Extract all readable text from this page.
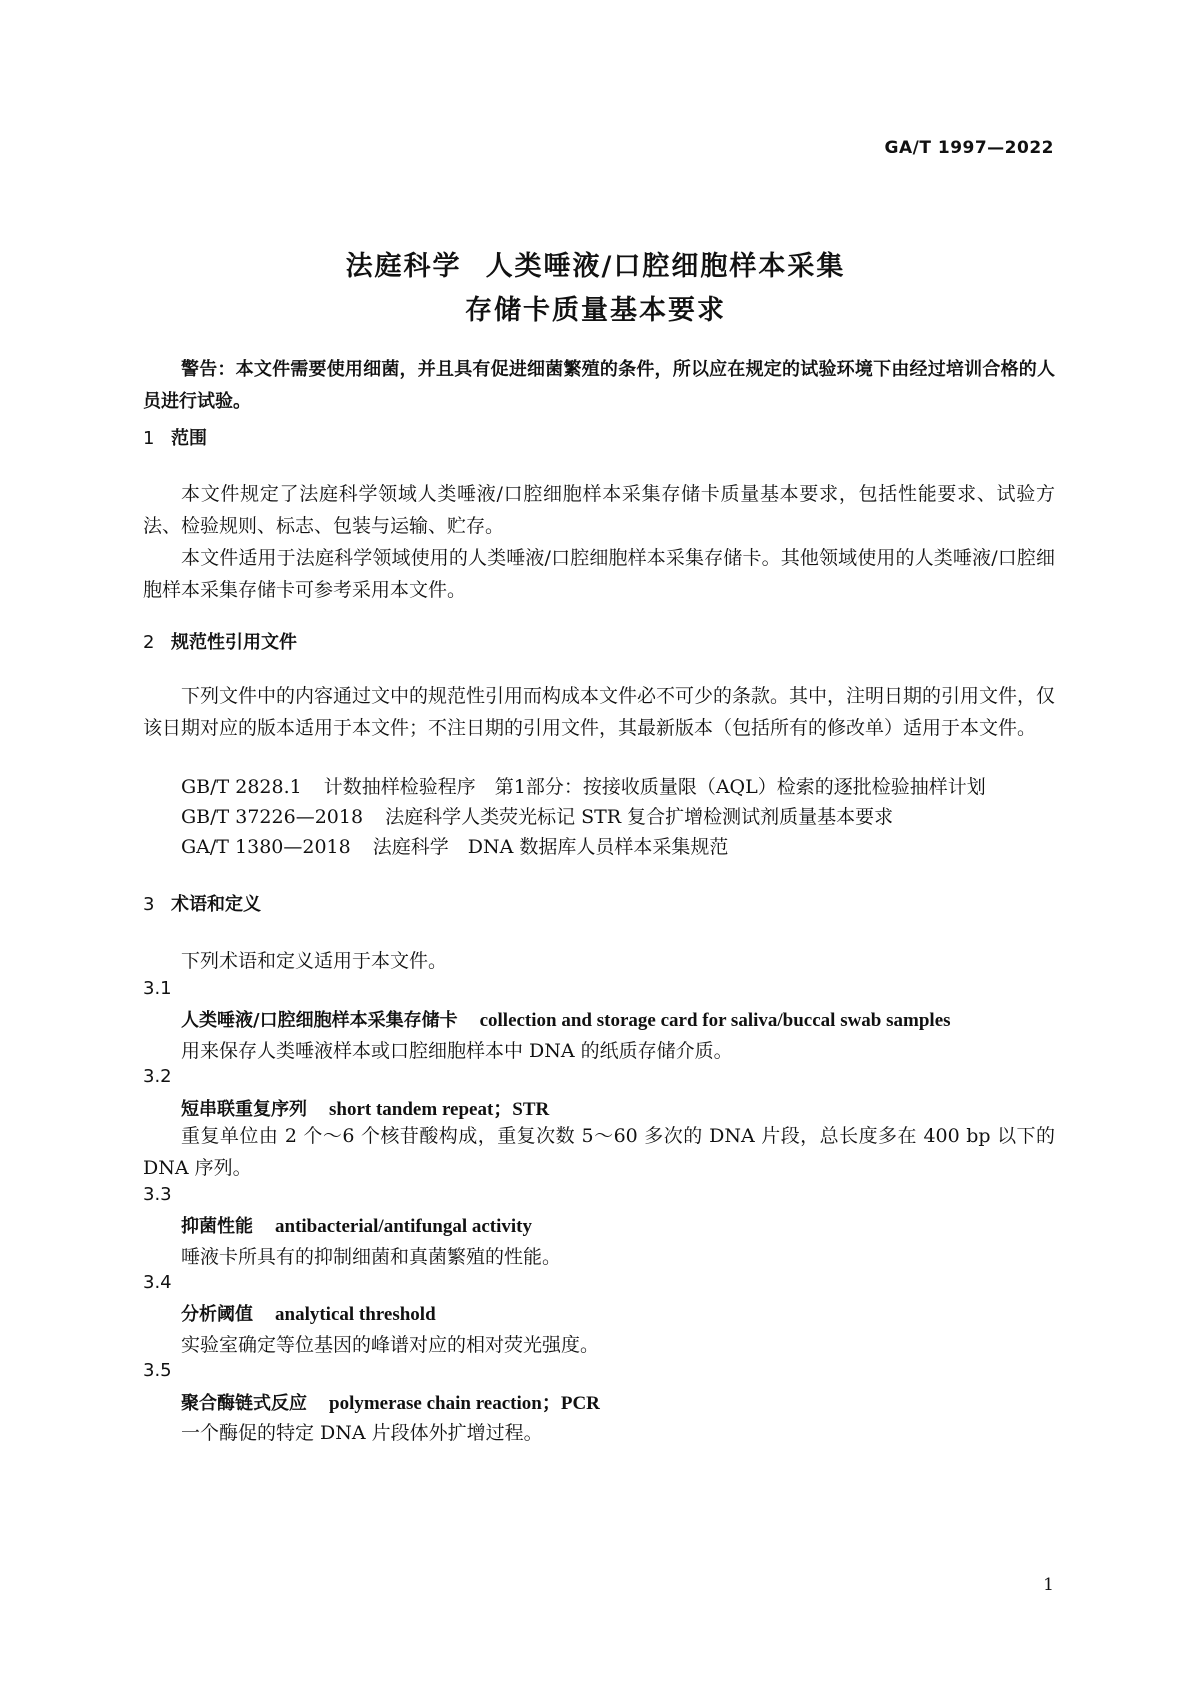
GA/T 1997—2022
法庭科学 人类唾液/口腔细胞样本采集
存储卡质量基本要求
警告：本文件需要使用细菌，并且具有促进细菌繁殖的条件，所以应在规定的试验环境下由经过培训合格的人员进行试验。
1 范围
本文件规定了法庭科学领域人类唾液/口腔细胞样本采集存储卡质量基本要求，包括性能要求、试验方法、检验规则、标志、包装与运输、贮存。
本文件适用于法庭科学领域使用的人类唾液/口腔细胞样本采集存储卡。其他领域使用的人类唾液/口腔细胞样本采集存储卡可参考采用本文件。
2 规范性引用文件
下列文件中的内容通过文中的规范性引用而构成本文件必不可少的条款。其中，注明日期的引用文件，仅该日期对应的版本适用于本文件；不注日期的引用文件，其最新版本（包括所有的修改单）适用于本文件。
GB/T 2828.1 计数抽样检验程序　第1部分：按接收质量限（AQL）检索的逐批检验抽样计划
GB/T 37226—2018 法庭科学人类荧光标记 STR 复合扩增检测试剂质量基本要求
GA/T 1380—2018 法庭科学　DNA 数据库人员样本采集规范
3 术语和定义
下列术语和定义适用于本文件。
3.1
人类唾液/口腔细胞样本采集存储卡 collection and storage card for saliva/buccal swab samples
用来保存人类唾液样本或口腔细胞样本中 DNA 的纸质存储介质。
3.2
短串联重复序列 short tandem repeat；STR
重复单位由 2 个～6 个核苷酸构成，重复次数 5～60 多次的 DNA 片段，总长度多在 400 bp 以下的 DNA 序列。
3.3
抑菌性能 antibacterial/antifungal activity
唾液卡所具有的抑制细菌和真菌繁殖的性能。
3.4
分析阈值 analytical threshold
实验室确定等位基因的峰谱对应的相对荧光强度。
3.5
聚合酶链式反应 polymerase chain reaction；PCR
一个酶促的特定 DNA 片段体外扩增过程。
1
